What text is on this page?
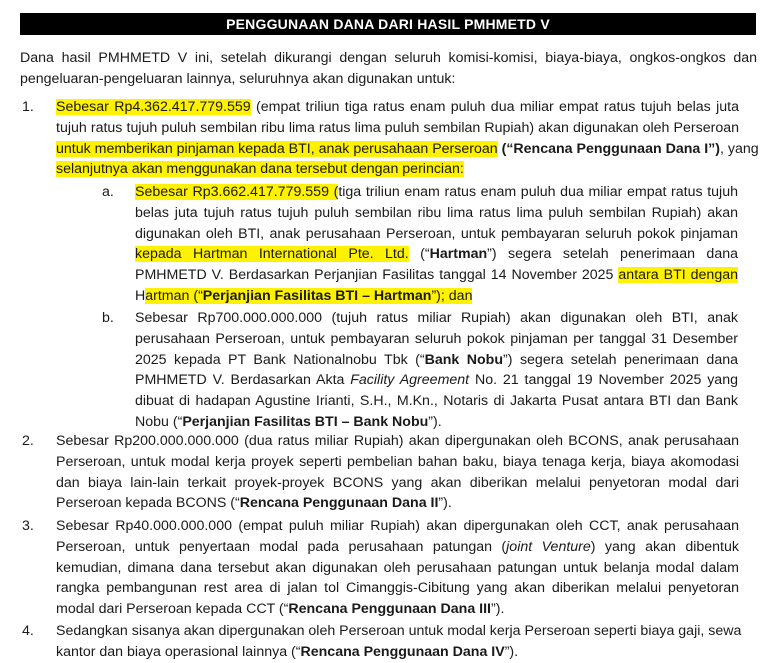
PENGGUNAAN DANA DARI HASIL PMHMETD V
Dana hasil PMHMETD V ini, setelah dikurangi dengan seluruh komisi-komisi, biaya-biaya, ongkos-ongkos dan
pengeluaran-pengeluaran lainnya, seluruhnya akan digunakan untuk:
1. Sebesar Rp4.362.417.779.559 (empat triliun tiga ratus enam puluh dua miliar empat ratus tujuh belas juta
tujuh ratus tujuh puluh sembilan ribu lima ratus lima puluh sembilan Rupiah) akan digunakan oleh Perseroan
untuk memberikan pinjaman kepada BTI, anak perusahaan Perseroan (“Rencana Penggunaan Dana I”), yang
selanjutnya akan menggunakan dana tersebut dengan perincian:
a. Sebesar Rp3.662.417.779.559 (tiga triliun enam ratus enam puluh dua miliar empat ratus tujuh
belas juta tujuh ratus tujuh puluh sembilan ribu lima ratus lima puluh sembilan Rupiah) akan
digunakan oleh BTI, anak perusahaan Perseroan, untuk pembayaran seluruh pokok pinjaman
kepada Hartman International Pte. Ltd. (“Hartman”) segera setelah penerimaan dana
PMHMETD V. Berdasarkan Perjanjian Fasilitas tanggal 14 November 2025 antara BTI dengan
Hartman (“Perjanjian Fasilitas BTI – Hartman”); dan
b. Sebesar Rp700.000.000.000 (tujuh ratus miliar Rupiah) akan digunakan oleh BTI, anak
perusahaan Perseroan, untuk pembayaran seluruh pokok pinjaman per tanggal 31 Desember
2025 kepada PT Bank Nationalnobu Tbk (“Bank Nobu”) segera setelah penerimaan dana
PMHMETD V. Berdasarkan Akta Facility Agreement No. 21 tanggal 19 November 2025 yang
dibuat di hadapan Agustine Irianti, S.H., M.Kn., Notaris di Jakarta Pusat antara BTI dan Bank
Nobu (“Perjanjian Fasilitas BTI – Bank Nobu”).
2. Sebesar Rp200.000.000.000 (dua ratus miliar Rupiah) akan dipergunakan oleh BCONS, anak perusahaan
Perseroan, untuk modal kerja proyek seperti pembelian bahan baku, biaya tenaga kerja, biaya akomodasi
dan biaya lain-lain terkait proyek-proyek BCONS yang akan diberikan melalui penyetoran modal dari
Perseroan kepada BCONS (“Rencana Penggunaan Dana II”).
3. Sebesar Rp40.000.000.000 (empat puluh miliar Rupiah) akan dipergunakan oleh CCT, anak perusahaan
Perseroan, untuk penyertaan modal pada perusahaan patungan (joint Venture) yang akan dibentuk
kemudian, dimana dana tersebut akan digunakan oleh perusahaan patungan untuk belanja modal dalam
rangka pembangunan rest area di jalan tol Cimanggis-Cibitung yang akan diberikan melalui penyetoran
modal dari Perseroan kepada CCT (“Rencana Penggunaan Dana III”).
4. Sedangkan sisanya akan dipergunakan oleh Perseroan untuk modal kerja Perseroan seperti biaya gaji, sewa
kantor dan biaya operasional lainnya (“Rencana Penggunaan Dana IV”).
